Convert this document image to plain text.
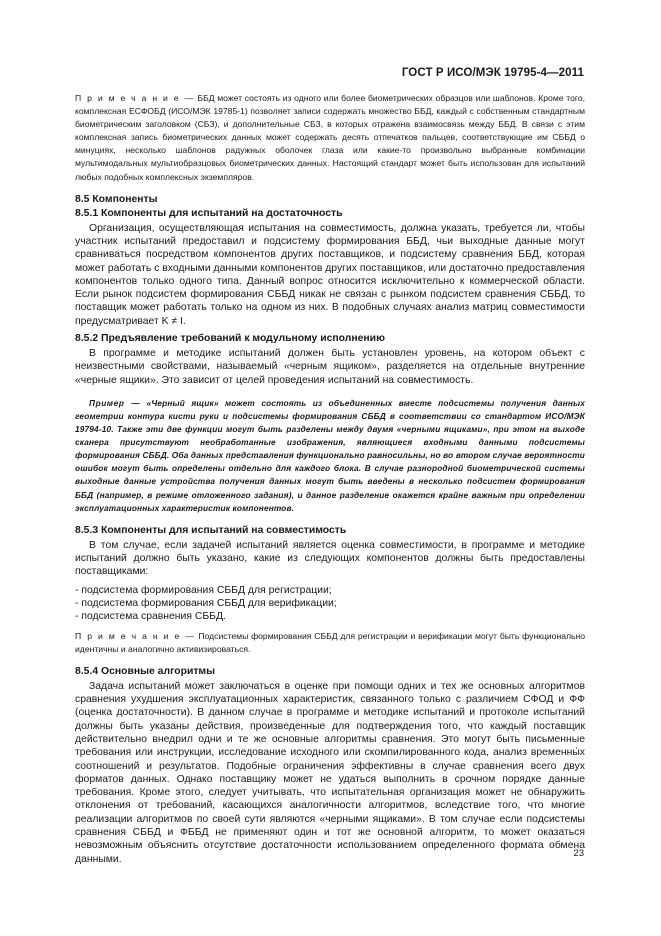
ГОСТ Р ИСО/МЭК 19795-4—2011

П р и м е ч а н и е — ББД может состоять из одного или более биометрических образцов или шаблонов. Кроме того, комплексная ЕСФОБД (ИСО/МЭК 19785-1) позволяет записи содержать множество ББД, каждый с собственным стандартным биометрическим заголовком (СБЗ), и дополнительные СБЗ, в которых отражена взаимосвязь между ББД. В связи с этим комплексная запись биометрических данных может содержать десять отпечатков пальцев, соответствующие им СББД о минуциях, несколько шаблонов радужных оболочек глаза или какие-то произвольно выбранные комбинации мультимодальных мультиобразцовых биометрических данных. Настоящий стандарт может быть использован для испытаний любых подобных комплексных экземпляров.

8.5 Компоненты
8.5.1 Компоненты для испытаний на достаточность

Организация, осуществляющая испытания на совместимость, должна указать, требуется ли, чтобы участник испытаний предоставил и подсистему формирования ББД, чьи выходные данные могут сравниваться посредством компонентов других поставщиков, и подсистему сравнения ББД, которая может работать с входными данными компонентов других поставщиков, или достаточно предоставления компонентов только одного типа. Данный вопрос относится исключительно к коммерческой области. Если рынок подсистем формирования СББД никак не связан с рынком подсистем сравнения СББД, то поставщик может работать только на одном из них. В подобных случаях анализ матриц совместимости предусматривает K ≠ I.

8.5.2 Предъявление требований к модульному исполнению

В программе и методике испытаний должен быть установлен уровень, на котором объект с неизвестными свойствами, называемый «черным ящиком», разделяется на отдельные внутренние «черные ящики». Это зависит от целей проведения испытаний на совместимость.

Пример — «Черный ящик» может состоять из объединенных вместе подсистемы получения данных геометрии контура кисти руки и подсистемы формирования СББД в соответствии со стандартом ИСО/МЭК 19794-10. Также эти две функции могут быть разделены между двумя «черными ящиками», при этом на выходе сканера присутствуют необработанные изображения, являющиеся входными данными подсистемы формирования СББД. Оба данных представления функционально равносильны, но во втором случае вероятности ошибок могут быть определены отдельно для каждого блока. В случае разнородной биометрической системы выходные данные устройства получения данных могут быть введены в несколько подсистем формирования ББД (например, в режиме отложенного задания), и данное разделение окажется крайне важным при определении эксплуатационных характеристик компонентов.

8.5.3 Компоненты для испытаний на совместимость

В том случае, если задачей испытаний является оценка совместимости, в программе и методике испытаний должно быть указано, какие из следующих компонентов должны быть предоставлены поставщиками:

- подсистема формирования СББД для регистрации;
- подсистема формирования СББД для верификации;
- подсистема сравнения СББД.

П р и м е ч а н и е — Подсистемы формирования СББД для регистрации и верификации могут быть функционально идентичны и аналогично активизироваться.

8.5.4 Основные алгоритмы

Задача испытаний может заключаться в оценке при помощи одних и тех же основных алгоритмов сравнения ухудшения эксплуатационных характеристик, связанного только с различием СФОД и ФФ (оценка достаточности). В данном случае в программе и методике испытаний и протоколе испытаний должны быть указаны действия, произведенные для подтверждения того, что каждый поставщик действительно внедрил одни и те же основные алгоритмы сравнения. Это могут быть письменные требования или инструкции, исследование исходного или скомпилированного кода, анализ временны́х соотношений и результатов. Подобные ограничения эффективны в случае сравнения всего двух форматов данных. Однако поставщику может не удаться выполнить в срочном порядке данные требования. Кроме этого, следует учитывать, что испытательная организация может не обнаружить отклонения от требований, касающихся аналогичности алгоритмов, вследствие того, что многие реализации алгоритмов по своей сути являются «черными ящиками». В том случае если подсистемы сравнения СББД и ФББД не применяют один и тот же основной алгоритм, то может оказаться невозможным объяснить отсутствие достаточности использованием определенного формата обмена данными.

23
